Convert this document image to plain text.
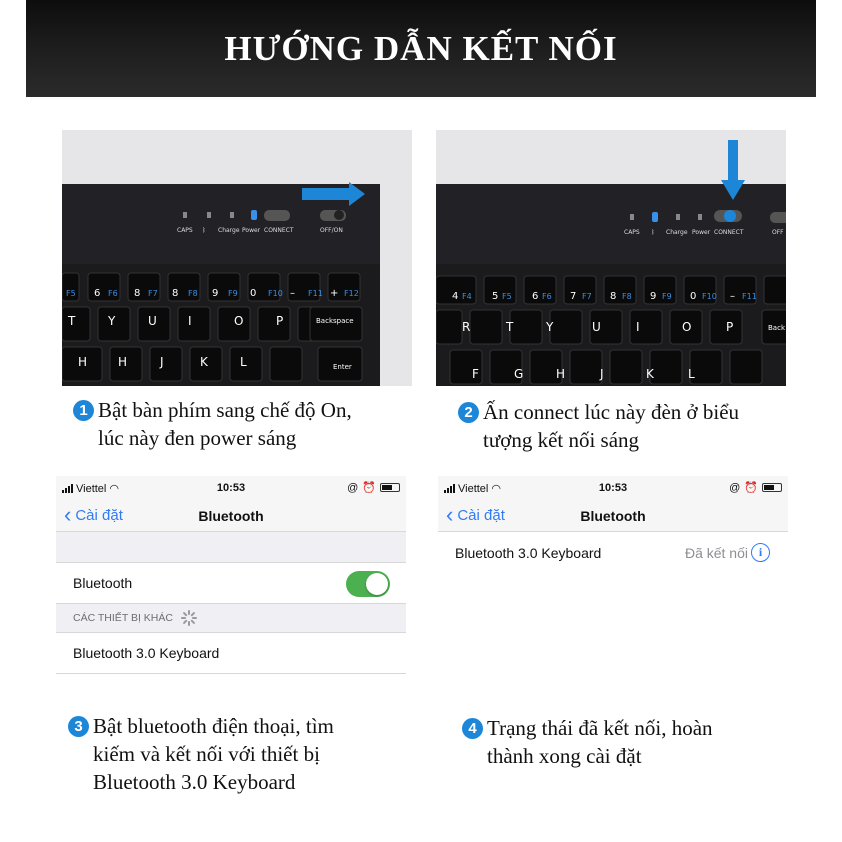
HƯỚNG DẪN KẾT NỐI
CAPS ᛒ Charge Power CONNECT	OFF/ON
F5	F6	F7	F8	F9	F10	F11	F12
6	8	8	9	0	–	+
T	Y	U	I	O	P
H	H	J	K	L
Backspace
Enter
CAPS ᛒ Charge Power CONNECT	OFF
F4	F5	F6	F7	F8	F9	F10	F11
4	5	6	7	8	9	0	–
R	T	Y	U	I	O	P
F	G	H	J	K	L
Back
1 Bật bàn phím sang chế độ On,
lúc này đen power sáng
2 Ấn connect lúc này đèn ở biểu
tượng kết nối sáng
3 Bật bluetooth điện thoại, tìm
kiếm và kết nối với thiết bị
Bluetooth 3.0 Keyboard
4 Trạng thái đã kết nối, hoàn
thành xong cài đặt
Viettel ◠	10:53	@ ⏰
‹ Cài đặt	Bluetooth
Bluetooth
CÁC THIẾT BỊ KHÁC
Bluetooth 3.0 Keyboard
Viettel ◠	10:53	@ ⏰
‹ Cài đặt	Bluetooth
Bluetooth 3.0 Keyboard	Đã kết nối i
